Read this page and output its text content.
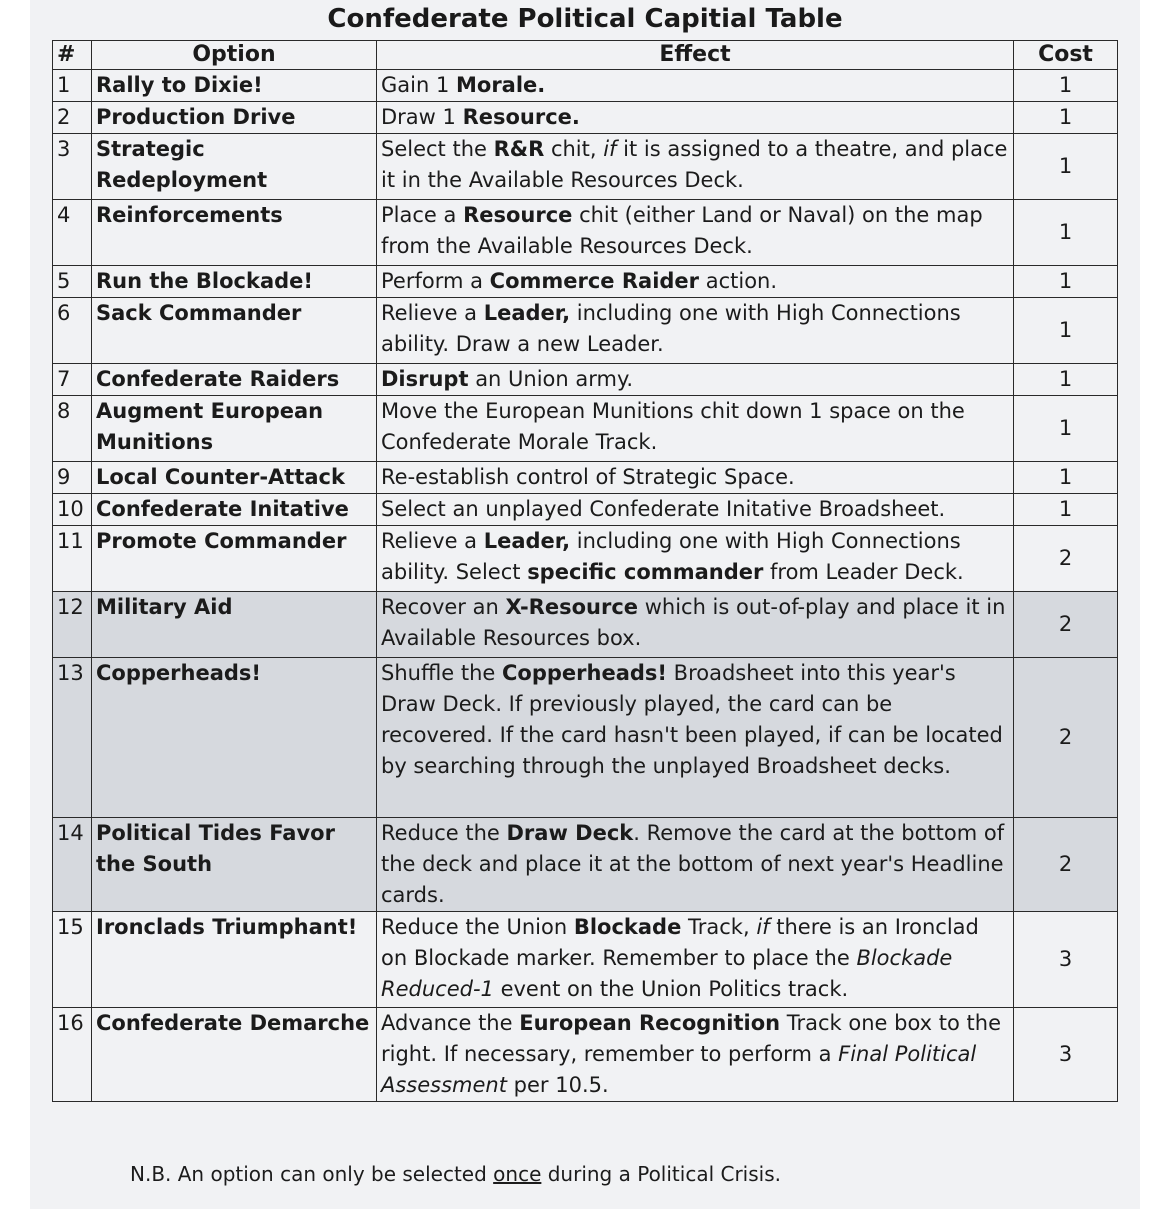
Confederate Political Capitial Table
#	Option	Effect	Cost
1	Rally to Dixie!	Gain 1 Morale.	1
2	Production Drive	Draw 1 Resource.	1
3	Strategic Redeployment	Select the R&R chit, if it is assigned to a theatre, and place it in the Available Resources Deck.	1
4	Reinforcements	Place a Resource chit (either Land or Naval) on the map from the Available Resources Deck.	1
5	Run the Blockade!	Perform a Commerce Raider action.	1
6	Sack Commander	Relieve a Leader, including one with High Connections ability. Draw a new Leader.	1
7	Confederate Raiders	Disrupt an Union army.	1
8	Augment European Munitions	Move the European Munitions chit down 1 space on the Confederate Morale Track.	1
9	Local Counter-Attack	Re-establish control of Strategic Space.	1
10	Confederate Initative	Select an unplayed Confederate Initative Broadsheet.	1
11	Promote Commander	Relieve a Leader, including one with High Connections ability. Select specific commander from Leader Deck.	2
12	Military Aid	Recover an X-Resource which is out-of-play and place it in Available Resources box.	2
13	Copperheads!	Shuffle the Copperheads! Broadsheet into this year's Draw Deck. If previously played, the card can be recovered. If the card hasn't been played, if can be located by searching through the unplayed Broadsheet decks.	2
14	Political Tides Favor the South	Reduce the Draw Deck. Remove the card at the bottom of the deck and place it at the bottom of next year's Headline cards.	2
15	Ironclads Triumphant!	Reduce the Union Blockade Track, if there is an Ironclad on Blockade marker. Remember to place the Blockade Reduced-1 event on the Union Politics track.	3
16	Confederate Demarche	Advance the European Recognition Track one box to the right. If necessary, remember to perform a Final Political Assessment per 10.5.	3
N.B. An option can only be selected once during a Political Crisis.
